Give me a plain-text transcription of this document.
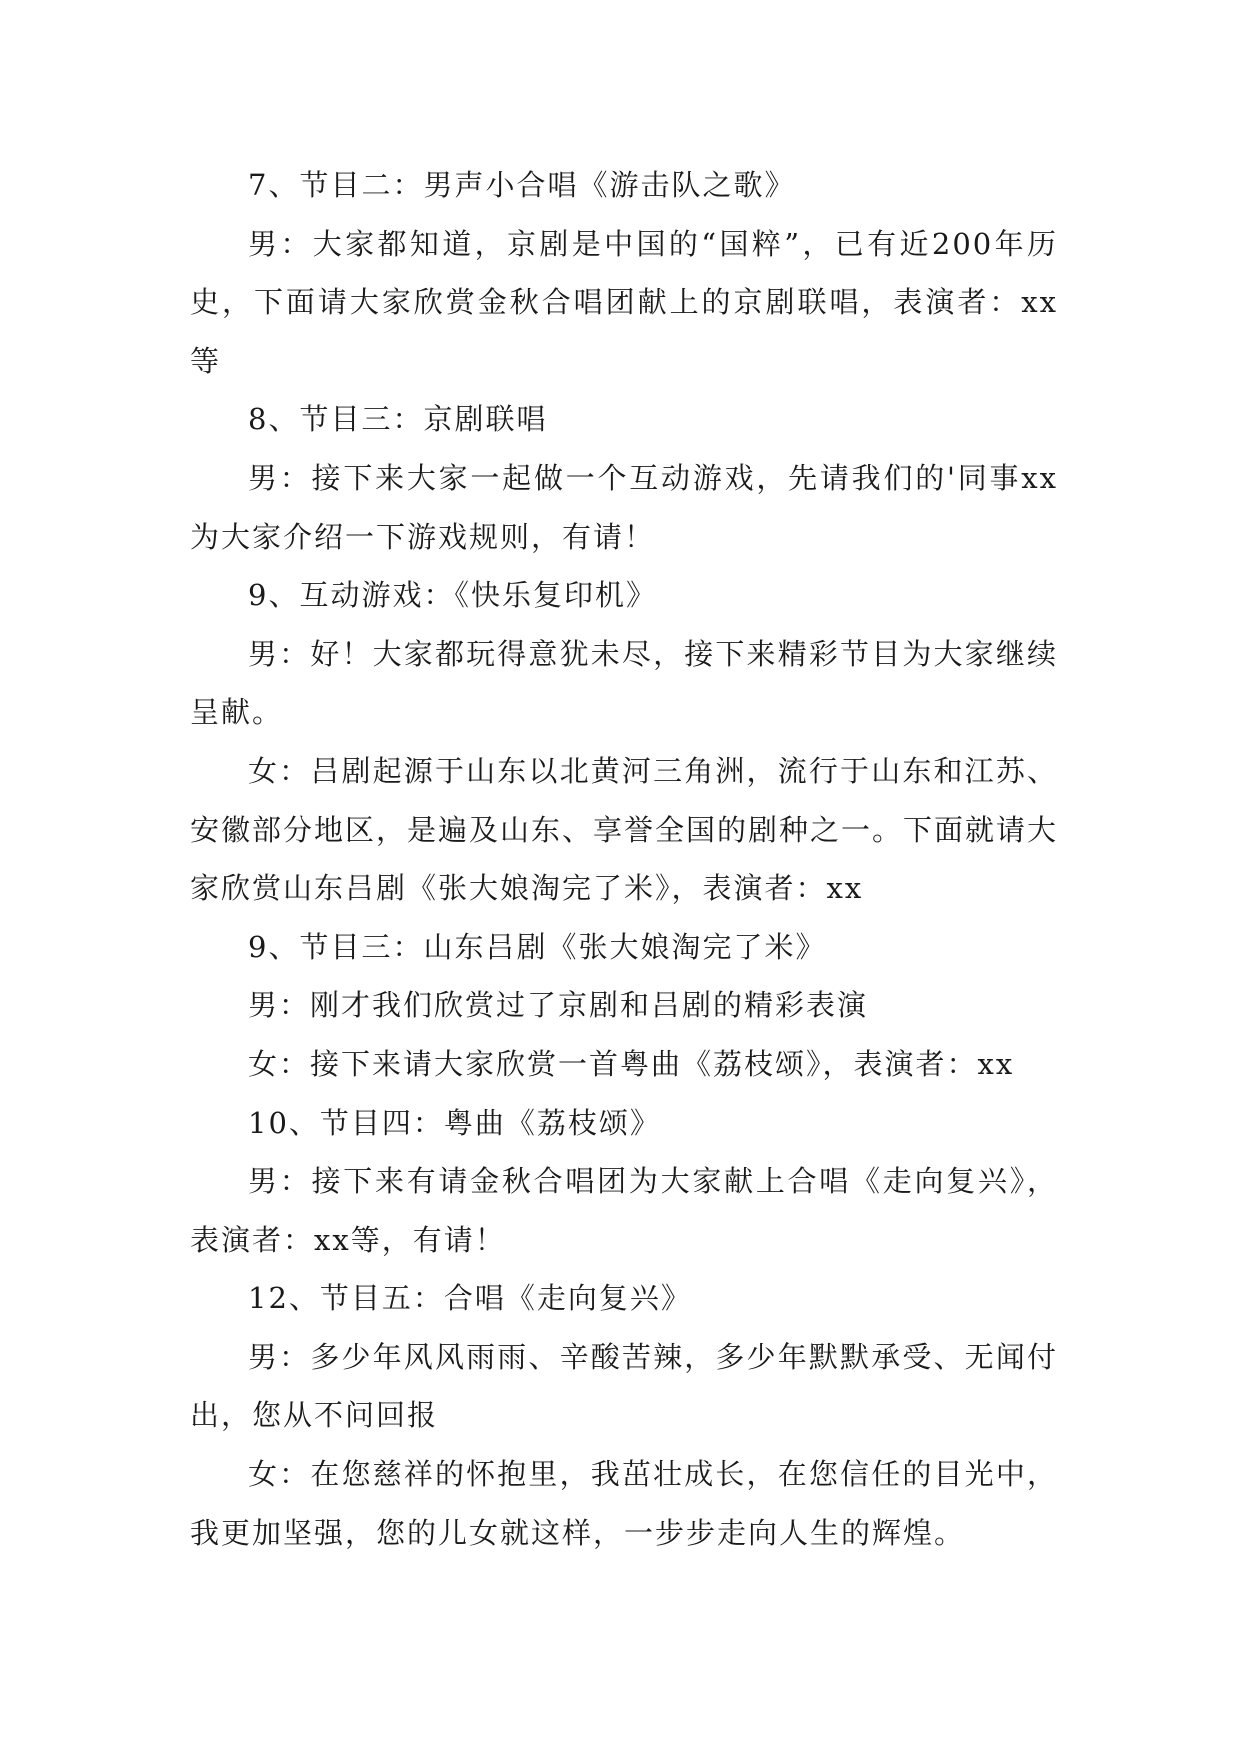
7、节目二：男声小合唱《游击队之歌》

男：大家都知道，京剧是中国的“国粹”，已有近200年历史，下面请大家欣赏金秋合唱团献上的京剧联唱，表演者：xx等

8、节目三：京剧联唱

男：接下来大家一起做一个互动游戏，先请我们的'同事xx为大家介绍一下游戏规则，有请！

9、互动游戏：《快乐复印机》

男：好！大家都玩得意犹未尽，接下来精彩节目为大家继续呈献。

女：吕剧起源于山东以北黄河三角洲，流行于山东和江苏、安徽部分地区，是遍及山东、享誉全国的剧种之一。下面就请大家欣赏山东吕剧《张大娘淘完了米》，表演者：xx

9、节目三：山东吕剧《张大娘淘完了米》

男：刚才我们欣赏过了京剧和吕剧的精彩表演

女：接下来请大家欣赏一首粤曲《荔枝颂》，表演者：xx

10、节目四：粤曲《荔枝颂》

男：接下来有请金秋合唱团为大家献上合唱《走向复兴》，表演者：xx等，有请！

12、节目五：合唱《走向复兴》

男：多少年风风雨雨、辛酸苦辣，多少年默默承受、无闻付出，您从不问回报

女：在您慈祥的怀抱里，我茁壮成长，在您信任的目光中，我更加坚强，您的儿女就这样，一步步走向人生的辉煌。
